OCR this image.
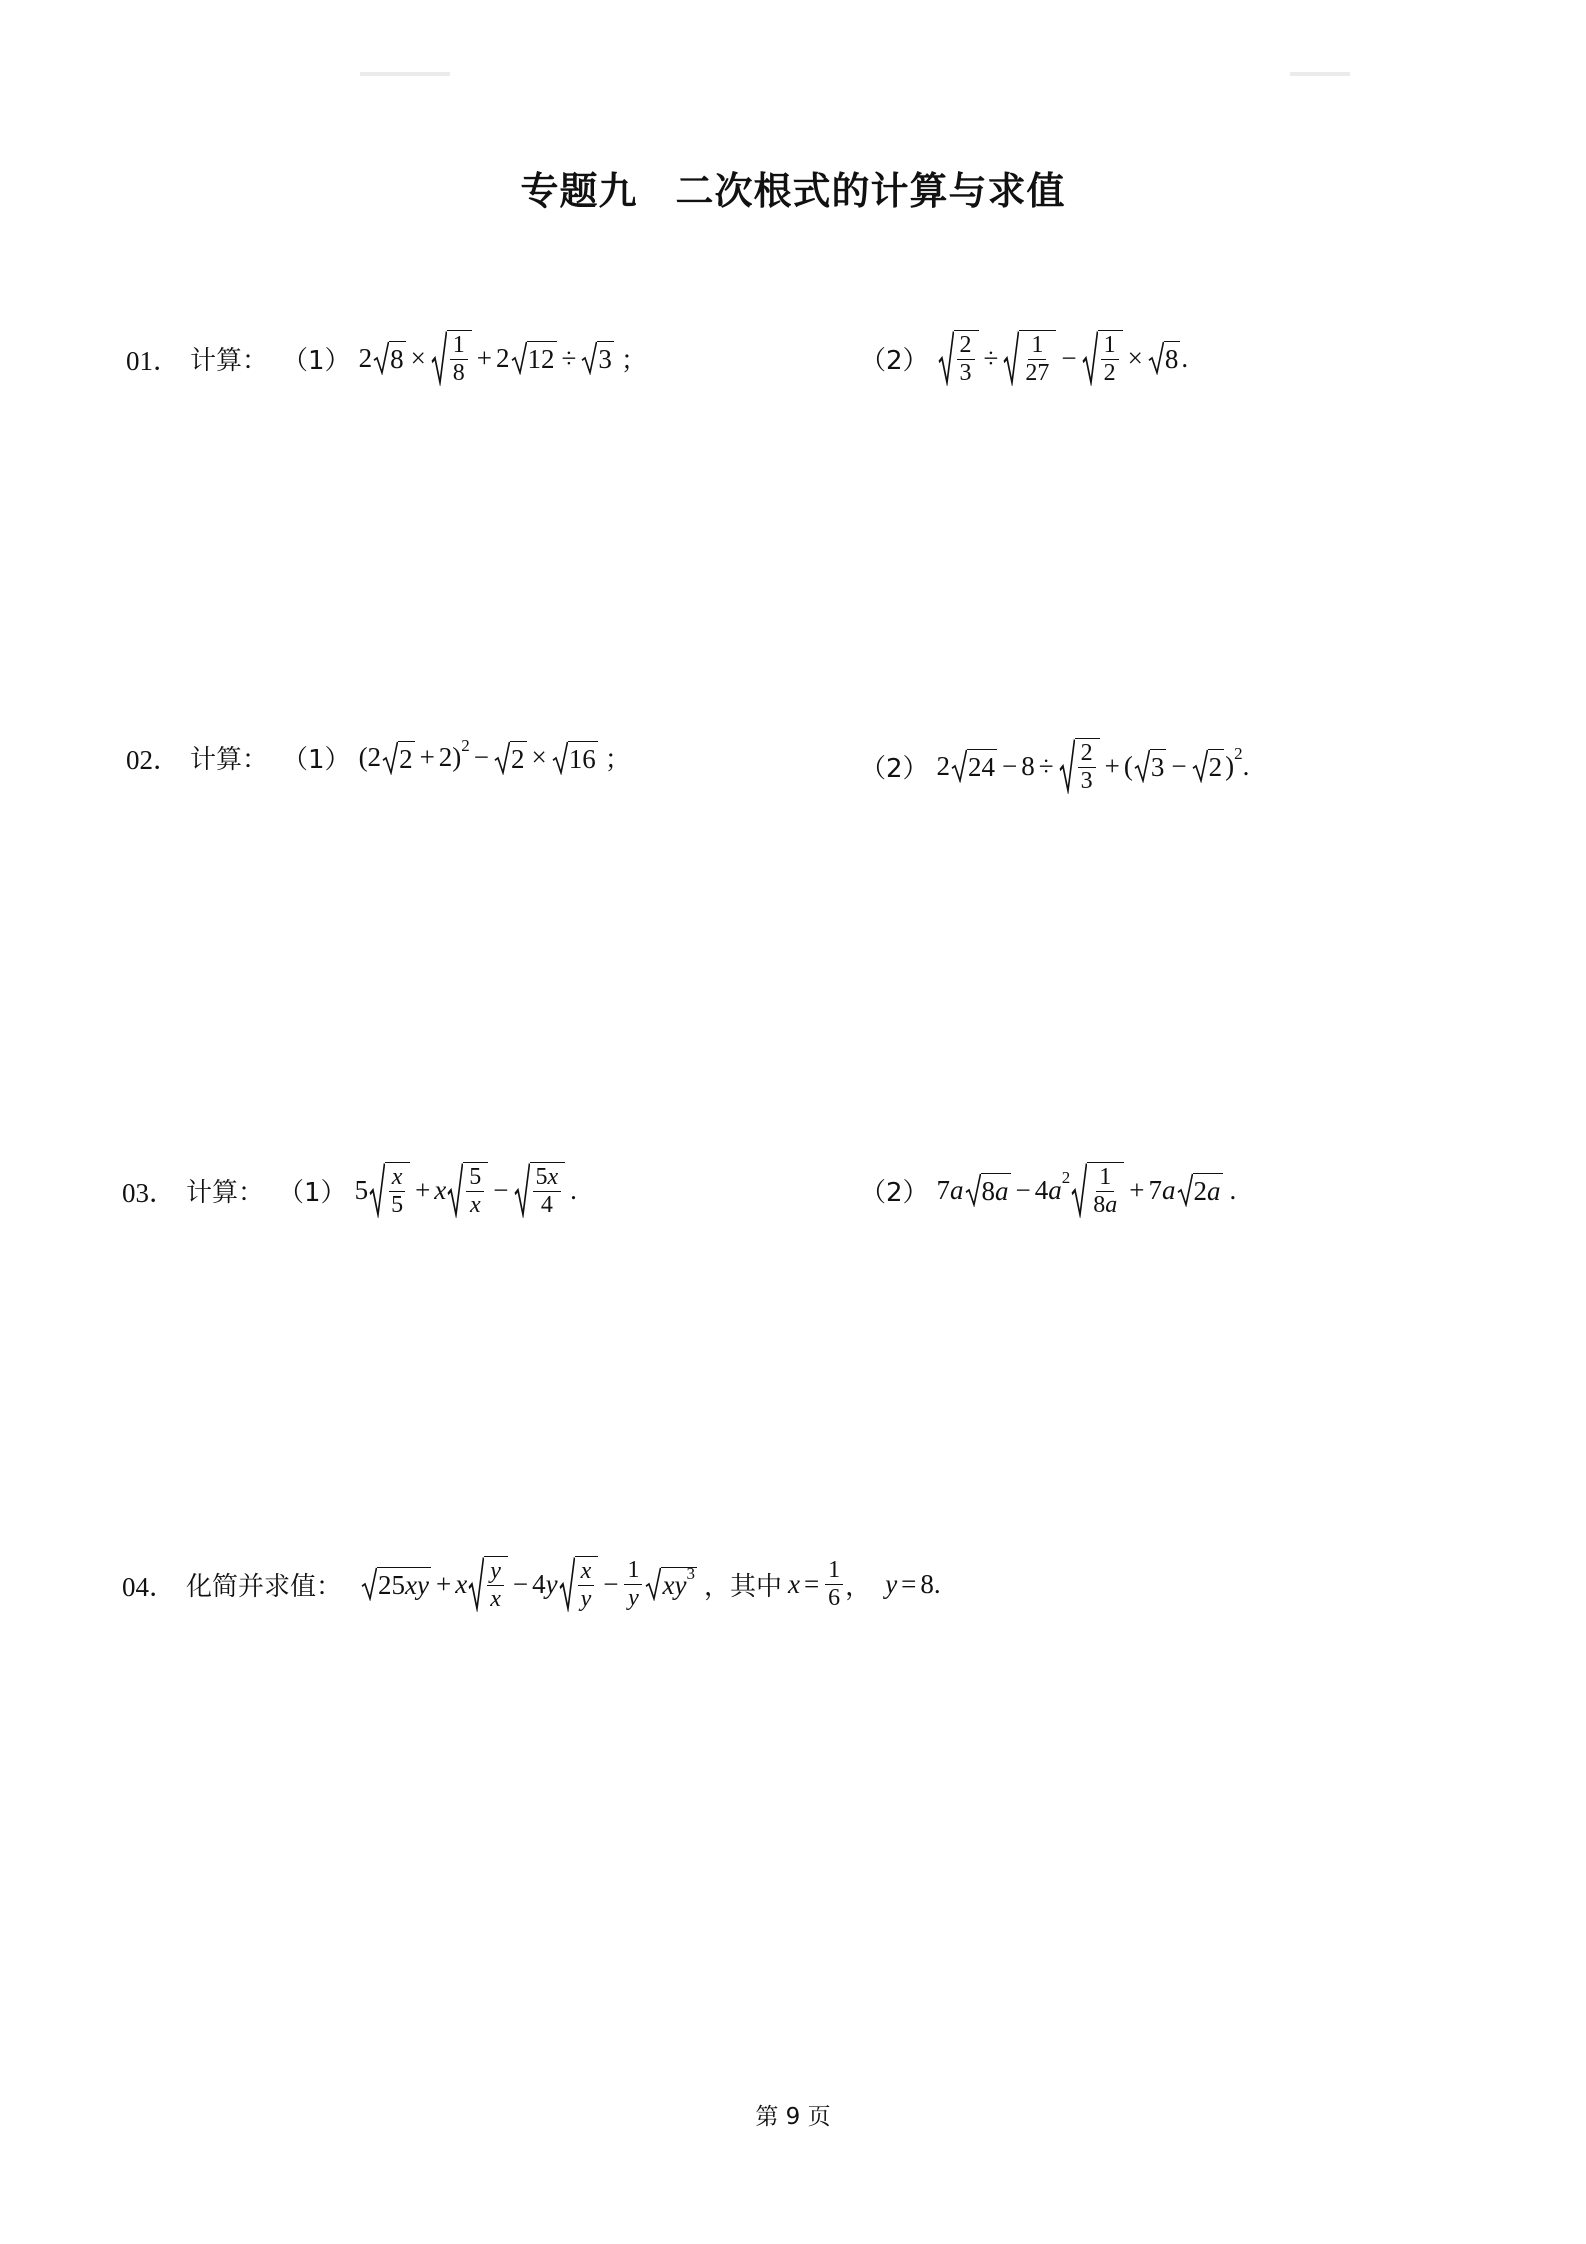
专题九 二次根式的计算与求值
01． 计算： （1） 2 $8 \times \frac{1}{8} + 2$ 12 ÷ 3 ；	$(2) \frac{2}{3} \div \frac{1}{27} - \frac{1}{2} \times 8$ .
02． 计算： （1） (2 2 + 2) 2 − 2 × 16 ；	（2） 2 $24 - 8 \div \frac{2}{3}$ + ( 3 − 2 ) 2 .
03． 计算： （1） $5 \frac{x}{5} + x \frac{5}{x} - \frac{5x}{4}$ .	（2） 7a 8 a − 4a $2 \frac{1}{8a} + 7a$ 2 a .
04． 化简并求值： 25 xy + x $\frac{y}{x} - 4y \frac{x}{y} - \frac{1}{y}$ xy 3 ，其中 $x = \frac{1}{6}$ ， y = 8.
第 9 页
